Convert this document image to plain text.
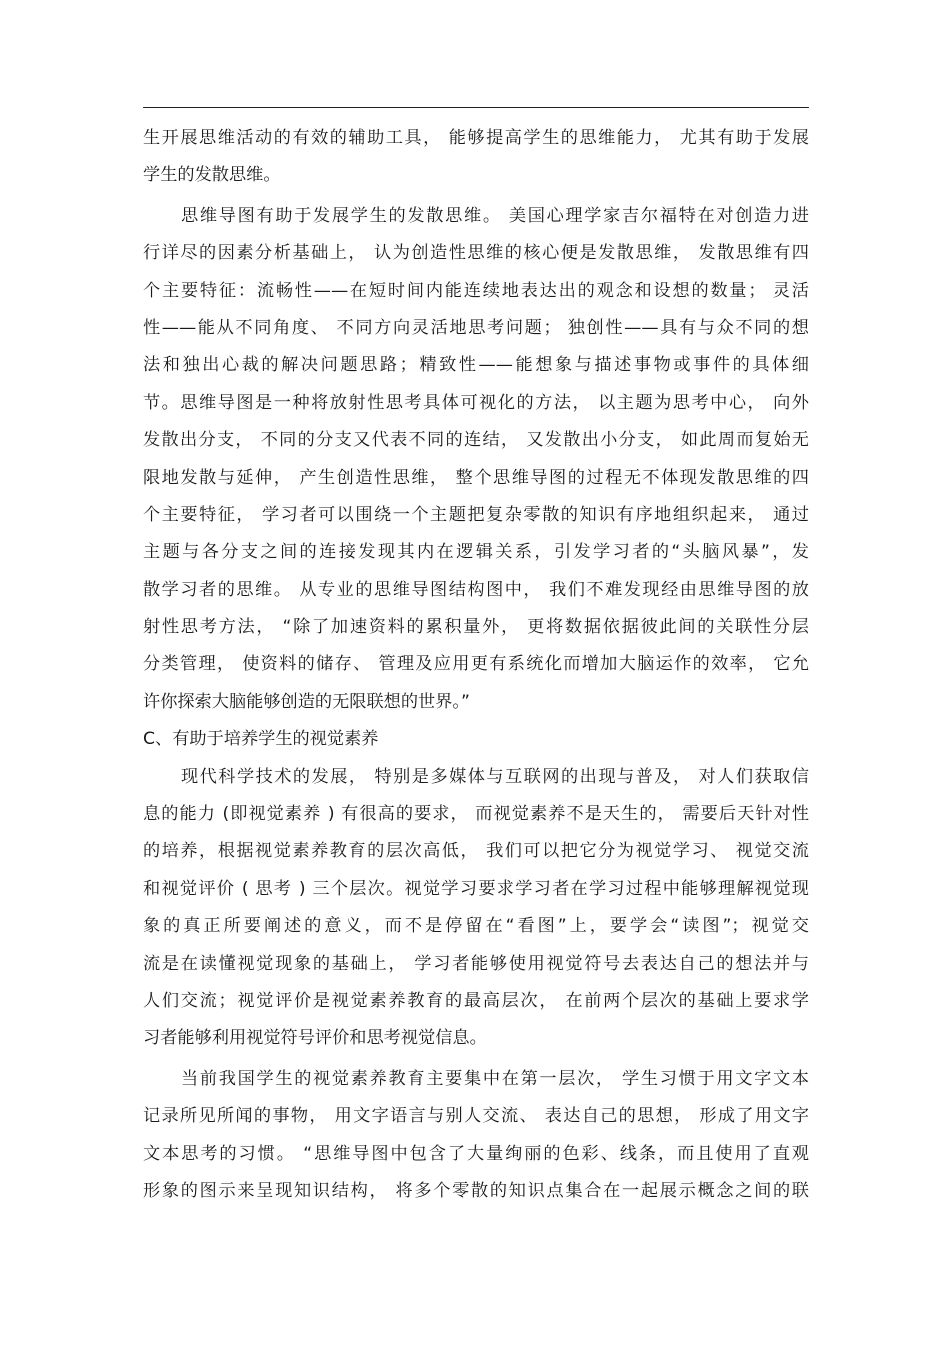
生开展思维活动的有效的辅助工具， 能够提高学生的思维能力， 尤其有助于发展
学生的发散思维。
思维导图有助于发展学生的发散思维。 美国心理学家吉尔福特在对创造力进
行详尽的因素分析基础上， 认为创造性思维的核心便是发散思维， 发散思维有四
个主要特征：流畅性——在短时间内能连续地表达出的观念和设想的数量； 灵活
性——能从不同角度、 不同方向灵活地思考问题； 独创性——具有与众不同的想
法和独出心裁的解决问题思路；精致性——能想象与描述事物或事件的具体细
节。思维导图是一种将放射性思考具体可视化的方法， 以主题为思考中心， 向外
发散出分支， 不同的分支又代表不同的连结， 又发散出小分支， 如此周而复始无
限地发散与延伸， 产生创造性思维， 整个思维导图的过程无不体现发散思维的四
个主要特征， 学习者可以围绕一个主题把复杂零散的知识有序地组织起来， 通过
主题与各分支之间的连接发现其内在逻辑关系，引发学习者的“头脑风暴”，发
散学习者的思维。 从专业的思维导图结构图中， 我们不难发现经由思维导图的放
射性思考方法， “除了加速资料的累积量外， 更将数据依据彼此间的关联性分层
分类管理， 使资料的储存、 管理及应用更有系统化而增加大脑运作的效率， 它允
许你探索大脑能够创造的无限联想的世界。”
C、有助于培养学生的视觉素养
现代科学技术的发展， 特别是多媒体与互联网的出现与普及， 对人们获取信
息的能力 (即视觉素养 ) 有很高的要求， 而视觉素养不是天生的， 需要后天针对性
的培养，根据视觉素养教育的层次高低， 我们可以把它分为视觉学习、 视觉交流
和视觉评价 ( 思考 ) 三个层次。视觉学习要求学习者在学习过程中能够理解视觉现
象的真正所要阐述的意义，而不是停留在“看图”上，要学会“读图”；视觉交
流是在读懂视觉现象的基础上， 学习者能够使用视觉符号去表达自己的想法并与
人们交流；视觉评价是视觉素养教育的最高层次， 在前两个层次的基础上要求学
习者能够利用视觉符号评价和思考视觉信息。
当前我国学生的视觉素养教育主要集中在第一层次， 学生习惯于用文字文本
记录所见所闻的事物， 用文字语言与别人交流、 表达自己的思想， 形成了用文字
文本思考的习惯。 “思维导图中包含了大量绚丽的色彩、线条，而且使用了直观
形象的图示来呈现知识结构， 将多个零散的知识点集合在一起展示概念之间的联
